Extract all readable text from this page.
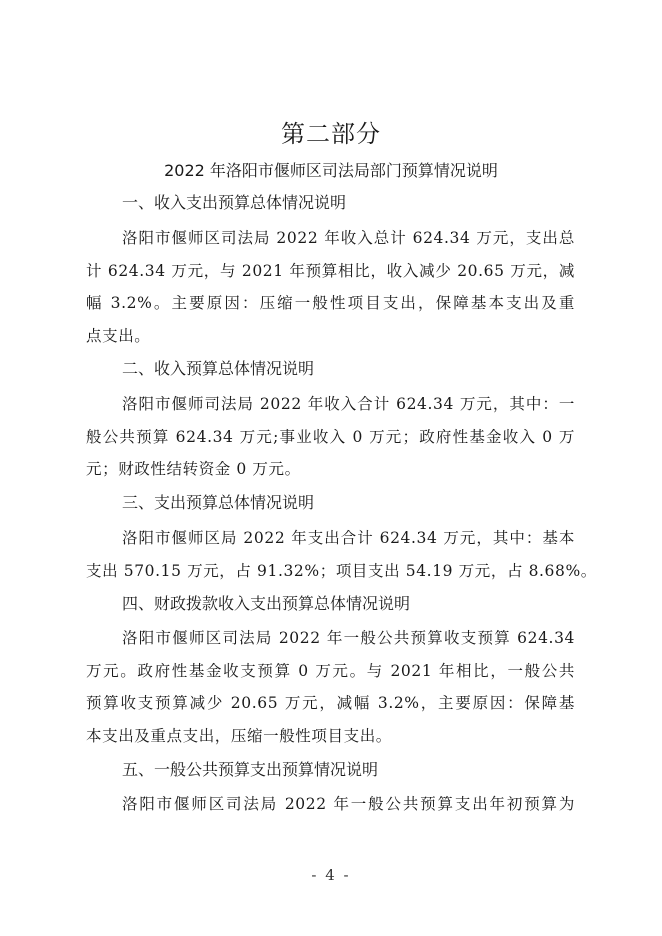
第二部分
2022 年洛阳市偃师区司法局部门预算情况说明
一、收入支出预算总体情况说明
洛阳市偃师区司法局 2022 年收入总计 624.34 万元，支出总
计 624.34 万元，与 2021 年预算相比，收入减少 20.65 万元，减
幅 3.2%。主要原因：压缩一般性项目支出，保障基本支出及重
点支出。
二、收入预算总体情况说明
洛阳市偃师司法局 2022 年收入合计 624.34 万元，其中：一
般公共预算 624.34 万元;事业收入 0 万元；政府性基金收入 0 万
元；财政性结转资金 0 万元。
三、支出预算总体情况说明
洛阳市偃师区局 2022 年支出合计 624.34 万元，其中：基本
支出 570.15 万元，占 91.32%；项目支出 54.19 万元，占 8.68%。
四、财政拨款收入支出预算总体情况说明
洛阳市偃师区司法局 2022 年一般公共预算收支预算 624.34
万元。政府性基金收支预算 0 万元。与 2021 年相比，一般公共
预算收支预算减少 20.65 万元，减幅 3.2%，主要原因：保障基
本支出及重点支出，压缩一般性项目支出。
五、一般公共预算支出预算情况说明
洛阳市偃师区司法局 2022 年一般公共预算支出年初预算为
- 4 -
